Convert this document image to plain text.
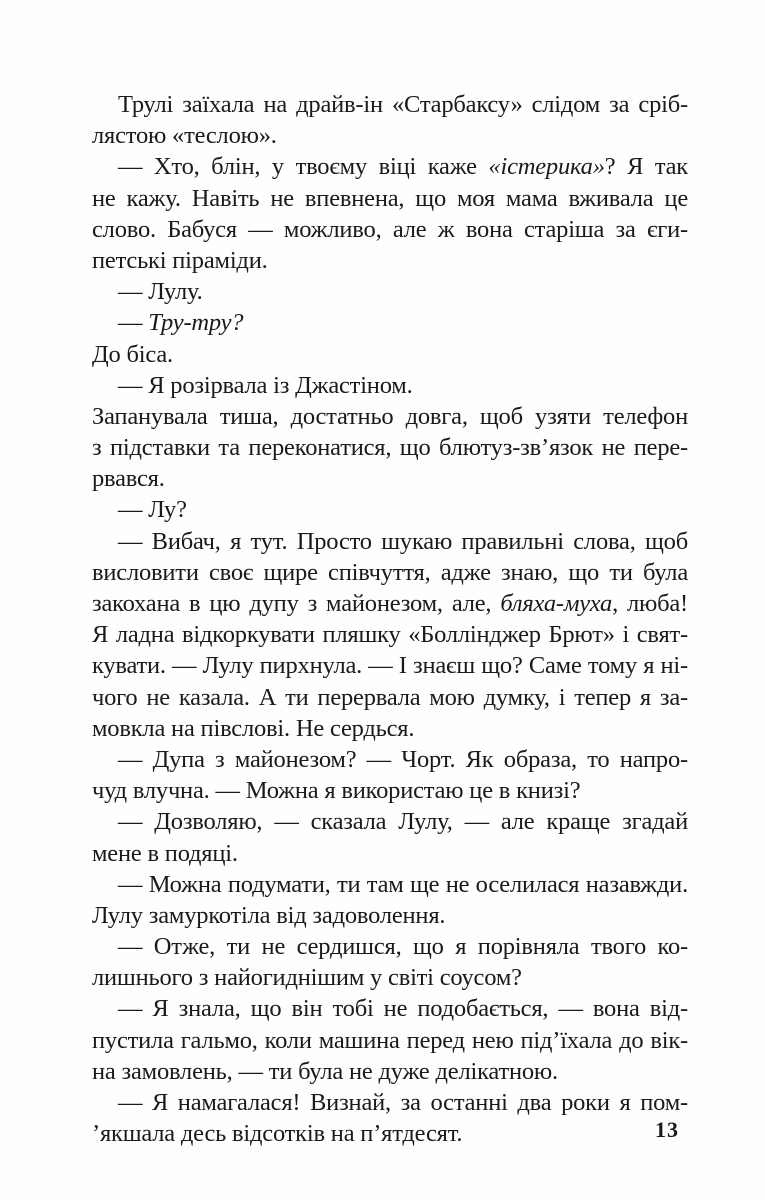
Трулі заїхала на драйв-ін «Старбаксу» слідом за сріб-
лястою «теслою».
— Хто, блін, у твоєму віці каже «істерика»? Я так
не кажу. Навіть не впевнена, що моя мама вживала це
слово. Бабуся — можливо, але ж вона старіша за єги-
петські піраміди.
— Лулу.
— Тру-тру?
До біса.
— Я розірвала із Джастіном.
Запанувала тиша, достатньо довга, щоб узяти телефон
з підставки та переконатися, що блютуз-зв’язок не пере-
рвався.
— Лу?
— Вибач, я тут. Просто шукаю правильні слова, щоб
висловити своє щире співчуття, адже знаю, що ти була
закохана в цю дупу з майонезом, але, бляха-муха, люба!
Я ладна відкоркувати пляшку «Боллінджер Брют» і свят-
кувати. — Лулу пирхнула. — І знаєш що? Саме тому я ні-
чого не казала. А ти перервала мою думку, і тепер я за-
мовкла на півслові. Не сердься.
— Дупа з майонезом? — Чорт. Як образа, то напро-
чуд влучна. — Можна я використаю це в книзі?
— Дозволяю, — сказала Лулу, — але краще згадай
мене в подяці.
— Можна подумати, ти там ще не оселилася назавжди.
Лулу замуркотіла від задоволення.
— Отже, ти не сердишся, що я порівняла твого ко-
лишнього з найогиднішим у світі соусом?
— Я знала, що він тобі не подобається, — вона від-
пустила гальмо, коли машина перед нею під’їхала до вік-
на замовлень, — ти була не дуже делікатною.
— Я намагалася! Визнай, за останні два роки я пом-
’якшала десь відсотків на п’ятдесят.	13
